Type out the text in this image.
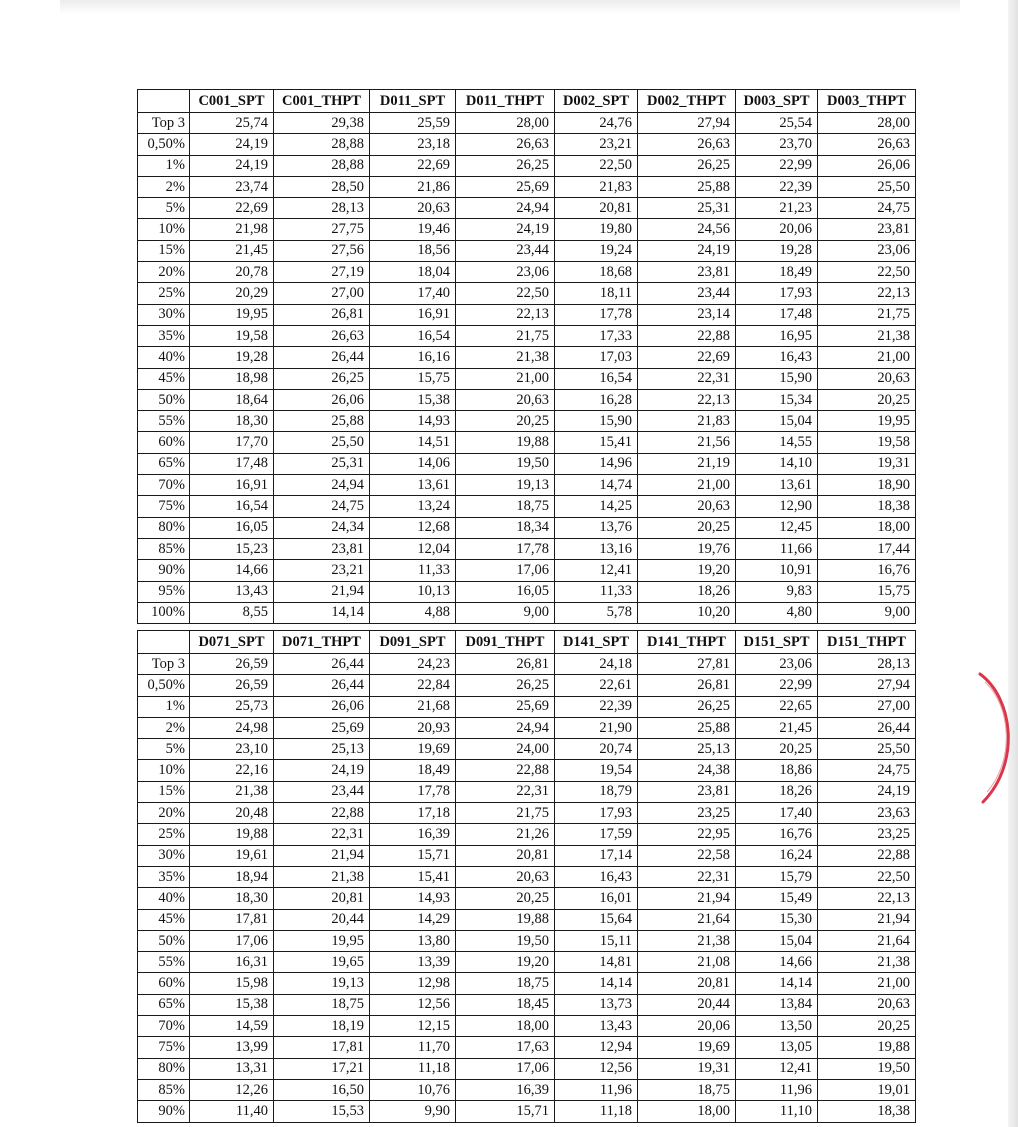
	C001_SPT	C001_THPT	D011_SPT	D011_THPT	D002_SPT	D002_THPT	D003_SPT	D003_THPT
Top 3	25,74	29,38	25,59	28,00	24,76	27,94	25,54	28,00
0,50%	24,19	28,88	23,18	26,63	23,21	26,63	23,70	26,63
1%	24,19	28,88	22,69	26,25	22,50	26,25	22,99	26,06
2%	23,74	28,50	21,86	25,69	21,83	25,88	22,39	25,50
5%	22,69	28,13	20,63	24,94	20,81	25,31	21,23	24,75
10%	21,98	27,75	19,46	24,19	19,80	24,56	20,06	23,81
15%	21,45	27,56	18,56	23,44	19,24	24,19	19,28	23,06
20%	20,78	27,19	18,04	23,06	18,68	23,81	18,49	22,50
25%	20,29	27,00	17,40	22,50	18,11	23,44	17,93	22,13
30%	19,95	26,81	16,91	22,13	17,78	23,14	17,48	21,75
35%	19,58	26,63	16,54	21,75	17,33	22,88	16,95	21,38
40%	19,28	26,44	16,16	21,38	17,03	22,69	16,43	21,00
45%	18,98	26,25	15,75	21,00	16,54	22,31	15,90	20,63
50%	18,64	26,06	15,38	20,63	16,28	22,13	15,34	20,25
55%	18,30	25,88	14,93	20,25	15,90	21,83	15,04	19,95
60%	17,70	25,50	14,51	19,88	15,41	21,56	14,55	19,58
65%	17,48	25,31	14,06	19,50	14,96	21,19	14,10	19,31
70%	16,91	24,94	13,61	19,13	14,74	21,00	13,61	18,90
75%	16,54	24,75	13,24	18,75	14,25	20,63	12,90	18,38
80%	16,05	24,34	12,68	18,34	13,76	20,25	12,45	18,00
85%	15,23	23,81	12,04	17,78	13,16	19,76	11,66	17,44
90%	14,66	23,21	11,33	17,06	12,41	19,20	10,91	16,76
95%	13,43	21,94	10,13	16,05	11,33	18,26	9,83	15,75
100%	8,55	14,14	4,88	9,00	5,78	10,20	4,80	9,00
	D071_SPT	D071_THPT	D091_SPT	D091_THPT	D141_SPT	D141_THPT	D151_SPT	D151_THPT
Top 3	26,59	26,44	24,23	26,81	24,18	27,81	23,06	28,13
0,50%	26,59	26,44	22,84	26,25	22,61	26,81	22,99	27,94
1%	25,73	26,06	21,68	25,69	22,39	26,25	22,65	27,00
2%	24,98	25,69	20,93	24,94	21,90	25,88	21,45	26,44
5%	23,10	25,13	19,69	24,00	20,74	25,13	20,25	25,50
10%	22,16	24,19	18,49	22,88	19,54	24,38	18,86	24,75
15%	21,38	23,44	17,78	22,31	18,79	23,81	18,26	24,19
20%	20,48	22,88	17,18	21,75	17,93	23,25	17,40	23,63
25%	19,88	22,31	16,39	21,26	17,59	22,95	16,76	23,25
30%	19,61	21,94	15,71	20,81	17,14	22,58	16,24	22,88
35%	18,94	21,38	15,41	20,63	16,43	22,31	15,79	22,50
40%	18,30	20,81	14,93	20,25	16,01	21,94	15,49	22,13
45%	17,81	20,44	14,29	19,88	15,64	21,64	15,30	21,94
50%	17,06	19,95	13,80	19,50	15,11	21,38	15,04	21,64
55%	16,31	19,65	13,39	19,20	14,81	21,08	14,66	21,38
60%	15,98	19,13	12,98	18,75	14,14	20,81	14,14	21,00
65%	15,38	18,75	12,56	18,45	13,73	20,44	13,84	20,63
70%	14,59	18,19	12,15	18,00	13,43	20,06	13,50	20,25
75%	13,99	17,81	11,70	17,63	12,94	19,69	13,05	19,88
80%	13,31	17,21	11,18	17,06	12,56	19,31	12,41	19,50
85%	12,26	16,50	10,76	16,39	11,96	18,75	11,96	19,01
90%	11,40	15,53	9,90	15,71	11,18	18,00	11,10	18,38
